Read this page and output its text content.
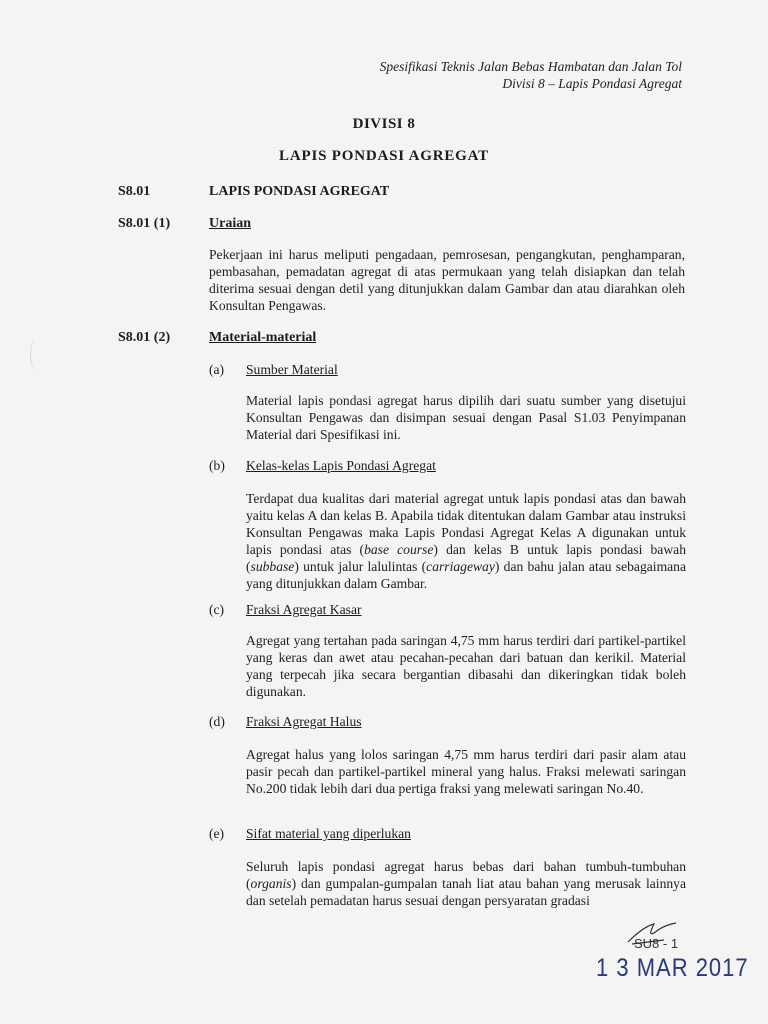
Spesifikasi Teknis Jalan Bebas Hambatan dan Jalan Tol
Divisi 8 – Lapis Pondasi Agregat
DIVISI 8
LAPIS PONDASI AGREGAT
S8.01	LAPIS PONDASI AGREGAT
S8.01 (1)	Uraian
Pekerjaan ini harus meliputi pengadaan, pemrosesan, pengangkutan, penghamparan, pembasahan, pemadatan agregat di atas permukaan yang telah disiapkan dan telah diterima sesuai dengan detil yang ditunjukkan dalam Gambar dan atau diarahkan oleh Konsultan Pengawas.
S8.01 (2)	Material-material
(a) Sumber Material
Material lapis pondasi agregat harus dipilih dari suatu sumber yang disetujui Konsultan Pengawas dan disimpan sesuai dengan Pasal S1.03 Penyimpanan Material dari Spesifikasi ini.
(b) Kelas-kelas Lapis Pondasi Agregat
Terdapat dua kualitas dari material agregat untuk lapis pondasi atas dan bawah yaitu kelas A dan kelas B. Apabila tidak ditentukan dalam Gambar atau instruksi Konsultan Pengawas maka Lapis Pondasi Agregat Kelas A digunakan untuk lapis pondasi atas (base course) dan kelas B untuk lapis pondasi bawah (subbase) untuk jalur lalulintas (carriageway) dan bahu jalan atau sebagaimana yang ditunjukkan dalam Gambar.
(c) Fraksi Agregat Kasar
Agregat yang tertahan pada saringan 4,75 mm harus terdiri dari partikel-partikel yang keras dan awet atau pecahan-pecahan dari batuan dan kerikil. Material yang terpecah jika secara bergantian dibasahi dan dikeringkan tidak boleh digunakan.
(d) Fraksi Agregat Halus
Agregat halus yang lolos saringan 4,75 mm harus terdiri dari pasir alam atau pasir pecah dan partikel-partikel mineral yang halus. Fraksi melewati saringan No.200 tidak lebih dari dua pertiga fraksi yang melewati saringan No.40.
(e) Sifat material yang diperlukan
Seluruh lapis pondasi agregat harus bebas dari bahan tumbuh-tumbuhan (organis) dan gumpalan-gumpalan tanah liat atau bahan yang merusak lainnya dan setelah pemadatan harus sesuai dengan persyaratan gradasi
SU8 - 1
1 3 MAR 2017
